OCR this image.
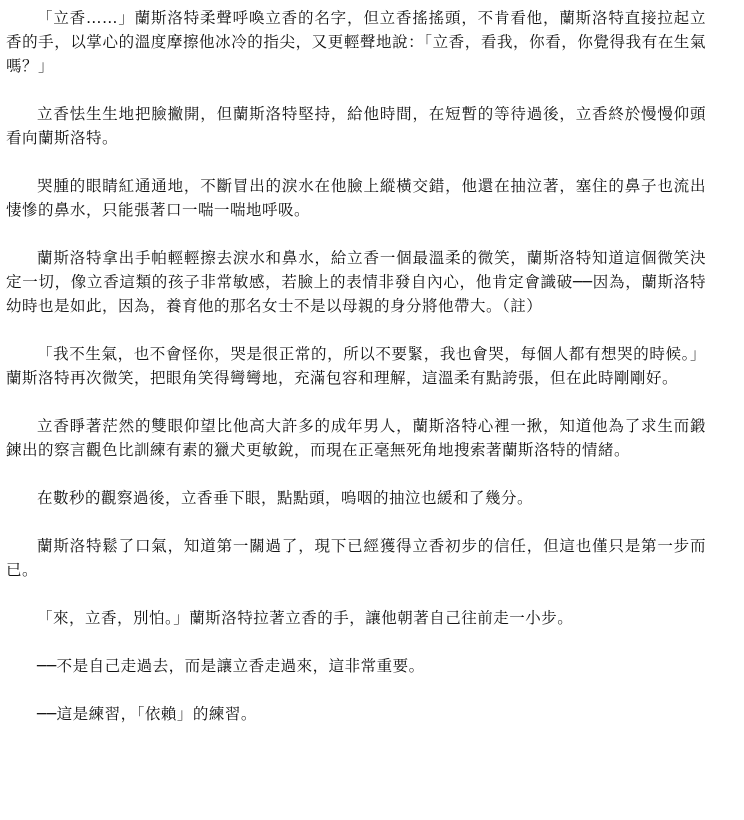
「立香……」蘭斯洛特柔聲呼喚立香的名字，但立香搖搖頭，不肯看他，蘭斯洛特直接拉起立香的手，以掌心的溫度摩擦他冰冷的指尖，又更輕聲地說：「立香，看我，你看，你覺得我有在生氣嗎？」

立香怯生生地把臉撇開，但蘭斯洛特堅持，給他時間，在短暫的等待過後，立香終於慢慢仰頭看向蘭斯洛特。

哭腫的眼睛紅通通地，不斷冒出的淚水在他臉上縱橫交錯，他還在抽泣著，塞住的鼻子也流出悽慘的鼻水，只能張著口一喘一喘地呼吸。

蘭斯洛特拿出手帕輕輕擦去淚水和鼻水，給立香一個最溫柔的微笑，蘭斯洛特知道這個微笑決定一切，像立香這類的孩子非常敏感，若臉上的表情非發自內心，他肯定會識破──因為，蘭斯洛特幼時也是如此，因為，養育他的那名女士不是以母親的身分將他帶大。（註）

「我不生氣，也不會怪你，哭是很正常的，所以不要緊，我也會哭，每個人都有想哭的時候。」蘭斯洛特再次微笑，把眼角笑得彎彎地，充滿包容和理解，這溫柔有點誇張，但在此時剛剛好。

立香睜著茫然的雙眼仰望比他高大許多的成年男人，蘭斯洛特心裡一揪，知道他為了求生而鍛鍊出的察言觀色比訓練有素的獵犬更敏銳，而現在正毫無死角地搜索著蘭斯洛特的情緒。

在數秒的觀察過後，立香垂下眼，點點頭，嗚咽的抽泣也緩和了幾分。

蘭斯洛特鬆了口氣，知道第一關過了，現下已經獲得立香初步的信任，但這也僅只是第一步而已。

「來，立香，別怕。」蘭斯洛特拉著立香的手，讓他朝著自己往前走一小步。

──不是自己走過去，而是讓立香走過來，這非常重要。

──這是練習，「依賴」的練習。
